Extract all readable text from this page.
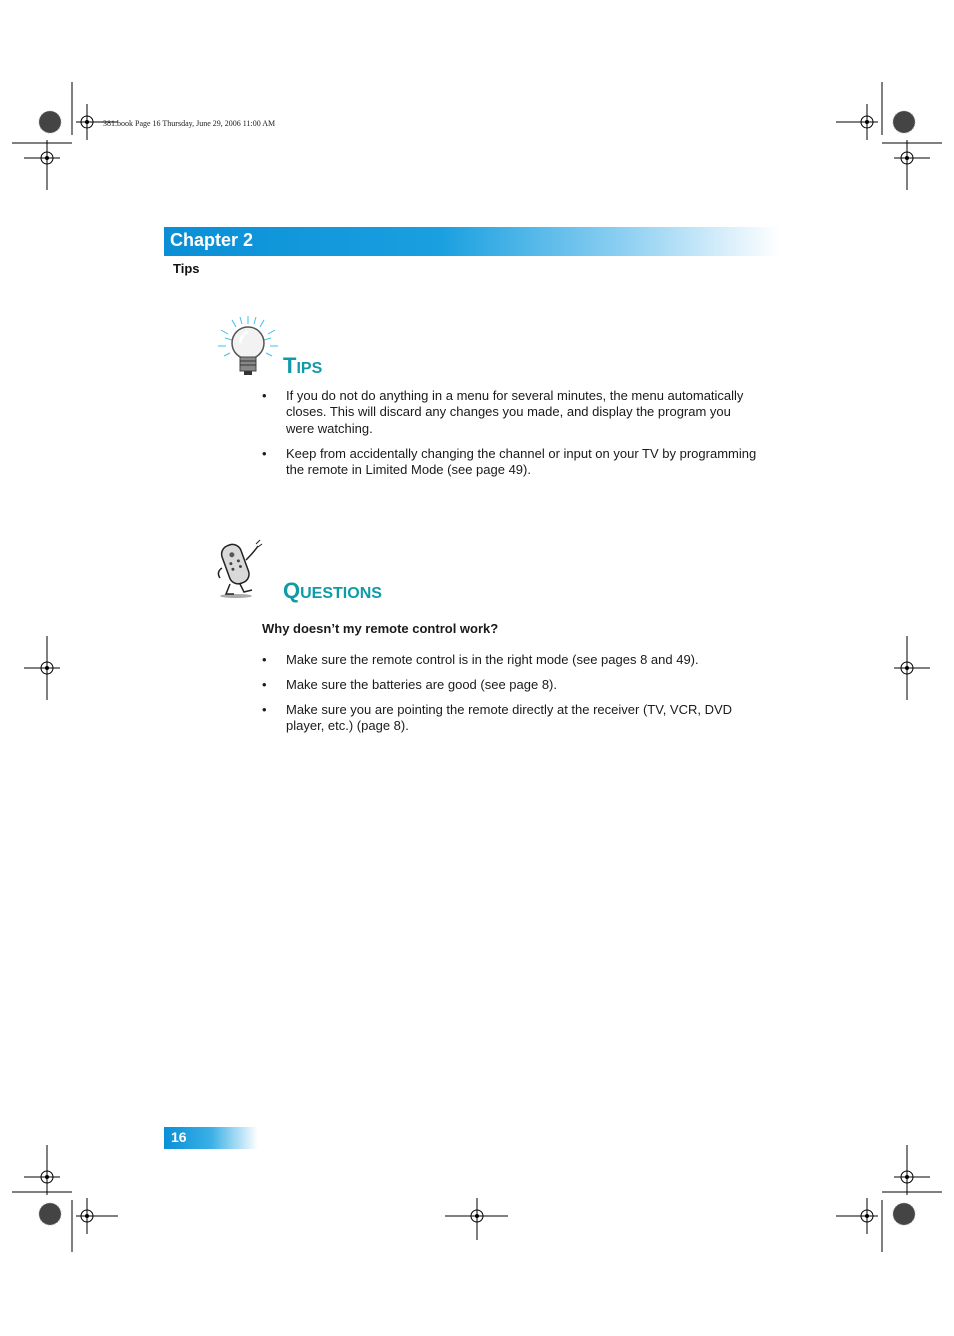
381.book Page 16 Thursday, June 29, 2006 11:00 AM
Chapter 2
Tips
TIPS
• If you do not do anything in a menu for several minutes, the menu automatically closes. This will discard any changes you made, and display the program you were watching.
• Keep from accidentally changing the channel or input on your TV by programming the remote in Limited Mode (see page 49).
QUESTIONS
Why doesn’t my remote control work?
• Make sure the remote control is in the right mode (see pages 8 and 49).
• Make sure the batteries are good (see page 8).
• Make sure you are pointing the remote directly at the receiver (TV, VCR, DVD player, etc.) (page 8).
16
